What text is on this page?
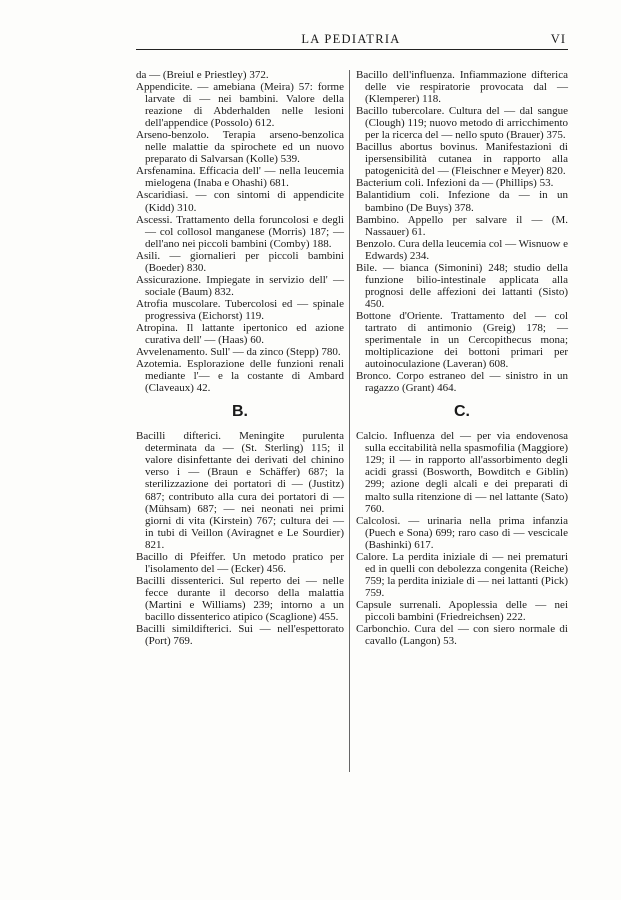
LA PEDIATRIA	VI
da — (Breiul e Priestley) 372.
Appendicite. — amebiana (Meira) 57: forme larvate di — nei bambini. Valore della reazione di Abderhalden nelle lesioni dell'appendice (Possolo) 612.
Arseno-benzolo. Terapia arseno-benzolica nelle malattie da spirochete ed un nuovo preparato di Salvarsan (Kolle) 539.
Arsfenamina. Efficacia dell' — nella leucemia mielogena (Inaba e Ohashi) 681.
Ascaridiasi. — con sintomi di appendicite (Kidd) 310.
Ascessi. Trattamento della foruncolosi e degli — col collosol manganese (Morris) 187; — dell'ano nei piccoli bambini (Comby) 188.
Asili. — giornalieri per piccoli bambini (Boeder) 830.
Assicurazione. Impiegate in servizio dell' — sociale (Baum) 832.
Atrofia muscolare. Tubercolosi ed — spinale progressiva (Eichorst) 119.
Atropina. Il lattante ipertonico ed azione curativa dell' — (Haas) 60.
Avvelenamento. Sull' — da zinco (Stepp) 780.
Azotemia. Esplorazione delle funzioni renali mediante l'— e la costante di Ambard (Claveaux) 42.
B.
Bacilli difterici. Meningite purulenta determinata da — (St. Sterling) 115; il valore disinfettante dei derivati del chinino verso i — (Braun e Schäffer) 687; la sterilizzazione dei portatori di — (Justitz) 687; contributo alla cura dei portatori di — (Mühsam) 687; — nei neonati nei primi giorni di vita (Kirstein) 767; cultura dei — in tubi di Veillon (Aviragnet e Le Sourdier) 821.
Bacillo di Pfeiffer. Un metodo pratico per l'isolamento del — (Ecker) 456.
Bacilli dissenterici. Sul reperto dei — nelle fecce durante il decorso della malattia (Martini e Williams) 239; intorno a un bacillo dissenterico atipico (Scaglione) 455.
Bacilli simildifterici. Sui — nell'espettorato (Port) 769.
Bacillo dell'influenza. Infiammazione difterica delle vie respiratorie provocata dal — (Klemperer) 118.
Bacillo tubercolare. Cultura del — dal sangue (Clough) 119; nuovo metodo di arricchimento per la ricerca del — nello sputo (Brauer) 375.
Bacillus abortus bovinus. Manifestazioni di ipersensibilità cutanea in rapporto alla patogenicità del — (Fleischner e Meyer) 820.
Bacterium coli. Infezioni da — (Phillips) 53.
Balantidium coli. Infezione da — in un bambino (De Buys) 378.
Bambino. Appello per salvare il — (M. Nassauer) 61.
Benzolo. Cura della leucemia col — Wisnuow e Edwards) 234.
Bile. — bianca (Simonini) 248; studio della funzione bilio-intestinale applicata alla prognosi delle affezioni dei lattanti (Sisto) 450.
Bottone d'Oriente. Trattamento del — col tartrato di antimonio (Greig) 178; — sperimentale in un Cercopithecus mona; moltiplicazione dei bottoni primari per autoinoculazione (Laveran) 608.
Bronco. Corpo estraneo del — sinistro in un ragazzo (Grant) 464.
C.
Calcio. Influenza del — per via endovenosa sulla eccitabilità nella spasmofilia (Maggiore) 129; il — in rapporto all'assorbimento degli acidi grassi (Bosworth, Bowditch e Giblin) 299; azione degli alcali e dei preparati di malto sulla ritenzione di — nel lattante (Sato) 760.
Calcolosi. — urinaria nella prima infanzia (Puech e Sona) 699; raro caso di — vescicale (Bashinki) 617.
Calore. La perdita iniziale di — nei prematuri ed in quelli con debolezza congenita (Reiche) 759; la perdita iniziale di — nei lattanti (Pick) 759.
Capsule surrenali. Apoplessia delle — nei piccoli bambini (Friedreichsen) 222.
Carbonchio. Cura del — con siero normale di cavallo (Langon) 53.
